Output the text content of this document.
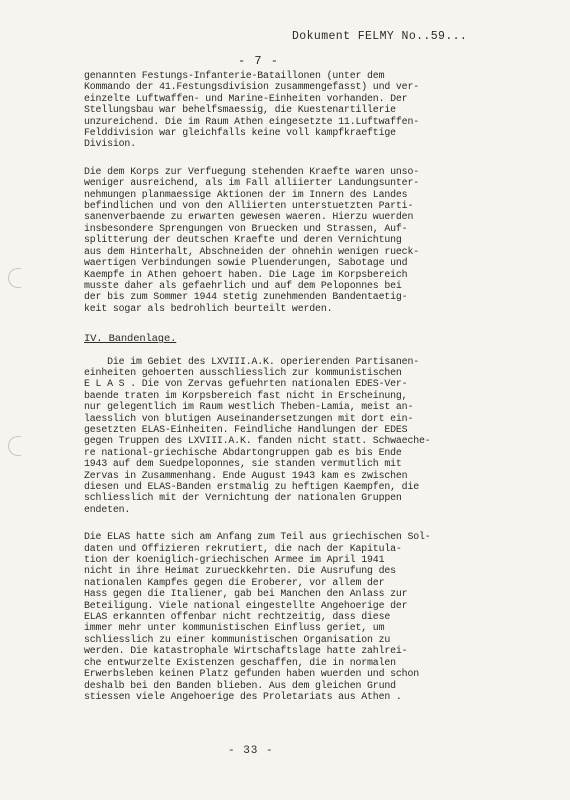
Dokument FELMY No..59...
- 7 -
genannten Festungs-Infanterie-Bataillonen (unter dem
Kommando der 41.Festungsdivision zusammengefasst) und ver-
einzelte Luftwaffen- und Marine-Einheiten vorhanden. Der
Stellungsbau war behelfsmaessig, die Kuestenartillerie
unzureichend. Die im Raum Athen eingesetzte 11.Luftwaffen-
Felddivision war gleichfalls keine voll kampfkraeftige
Division.
Die dem Korps zur Verfuegung stehenden Kraefte waren unso-
weniger ausreichend, als im Fall alliierter Landungsunter-
nehmungen planmaessige Aktionen der im Innern des Landes
befindlichen und von den Alliierten unterstuetzten Parti-
sanenverbaende zu erwarten gewesen waeren. Hierzu wuerden
insbesondere Sprengungen von Bruecken und Strassen, Auf-
splitterung der deutschen Kraefte und deren Vernichtung
aus dem Hinterhalt, Abschneiden der ohnehin wenigen rueck-
waertigen Verbindungen sowie Pluenderungen, Sabotage und
Kaempfe in Athen gehoert haben. Die Lage im Korpsbereich
musste daher als gefaehrlich und auf dem Peloponnes bei
der bis zum Sommer 1944 stetig zunehmenden Bandentaetig-
keit sogar als bedrohlich beurteilt werden.
IV. Bandenlage.
Die im Gebiet des LXVIII.A.K. operierenden Partisanen-
einheiten gehoerten ausschliesslich zur kommunistischen
E L A S . Die von Zervas gefuehrten nationalen EDES-Ver-
baende traten im Korpsbereich fast nicht in Erscheinung,
nur gelegentlich im Raum westlich Theben-Lamia, meist an-
laesslich von blutigen Auseinandersetzungen mit dort ein-
gesetzten ELAS-Einheiten. Feindliche Handlungen der EDES
gegen Truppen des LXVIII.A.K. fanden nicht statt. Schwaeche-
re national-griechische Abdartongruppen gab es bis Ende
1943 auf dem Suedpeloponnes, sie standen vermutlich mit
Zervas in Zusammenhang. Ende August 1943 kam es zwischen
diesen und ELAS-Banden erstmalig zu heftigen Kaempfen, die
schliesslich mit der Vernichtung der nationalen Gruppen
endeten.
Die ELAS hatte sich am Anfang zum Teil aus griechischen Sol-
daten und Offizieren rekrutiert, die nach der Kapitula-
tion der koeniglich-griechischen Armee im April 1941
nicht in ihre Heimat zurueckkehrten. Die Ausrufung des
nationalen Kampfes gegen die Eroberer, vor allem der
Hass gegen die Italiener, gab bei Manchen den Anlass zur
Beteiligung. Viele national eingestellte Angehoerige der
ELAS erkannten offenbar nicht rechtzeitig, dass diese
immer mehr unter kommunistischen Einfluss geriet, um
schliesslich zu einer kommunistischen Organisation zu
werden. Die katastrophale Wirtschaftslage hatte zahlrei-
che entwurzelte Existenzen geschaffen, die in normalen
Erwerbsleben keinen Platz gefunden haben wuerden und schon
deshalb bei den Banden blieben. Aus dem gleichen Grund
stiessen viele Angehoerige des Proletariats aus Athen .
- 33 -
